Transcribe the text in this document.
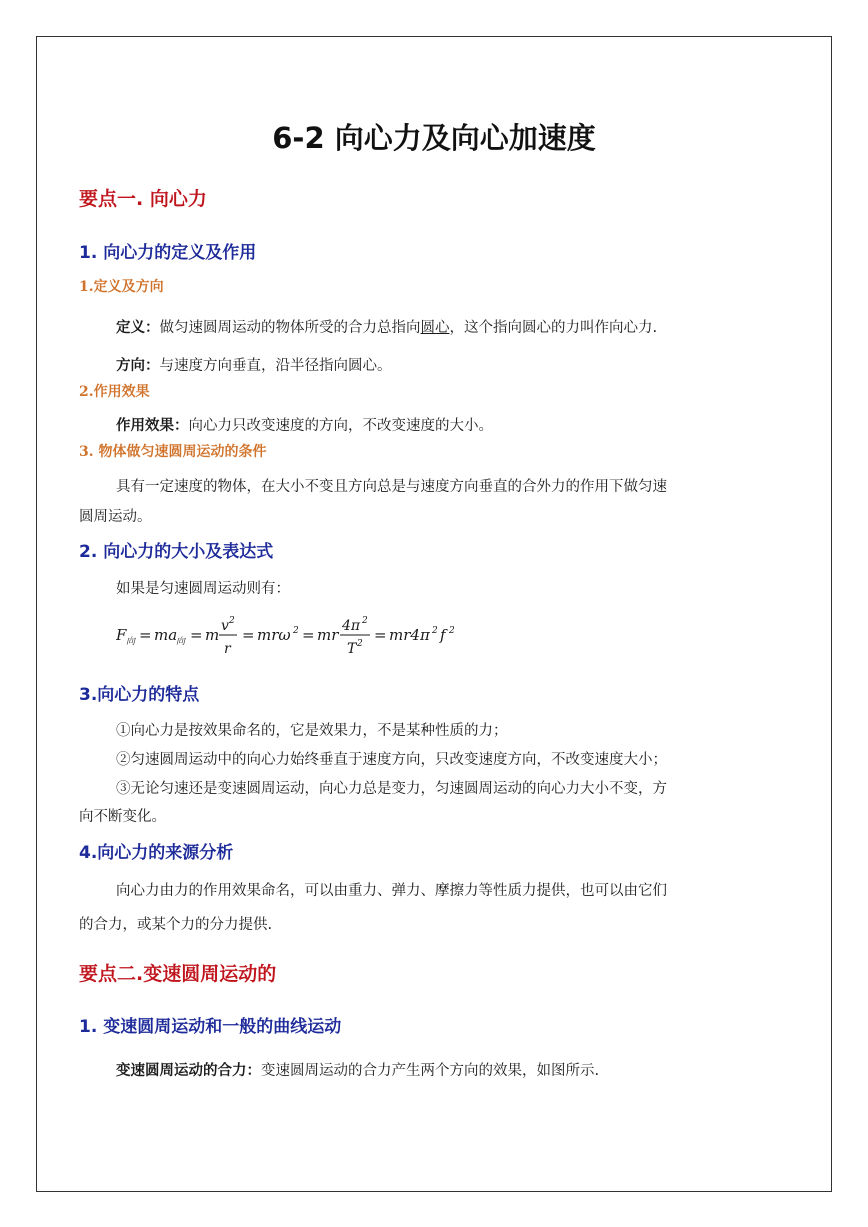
6-2 向心力及向心加速度
要点一. 向心力
1. 向心力的定义及作用
1.定义及方向
定义：做匀速圆周运动的物体所受的合力总指向圆心，这个指向圆心的力叫作向心力.
方向：与速度方向垂直，沿半径指向圆心。
2.作用效果
作用效果：向心力只改变速度的方向，不改变速度的大小。
3. 物体做匀速圆周运动的条件
具有一定速度的物体，在大小不变且方向总是与速度方向垂直的合外力的作用下做匀速
圆周运动。
2. 向心力的大小及表达式
如果是匀速圆周运动则有：
F 向 = ma
向 = m v 2
r
= mrω 2 = mr 4π 2
T 2 = mr4π 2 f 2
3.向心力的特点
①向心力是按效果命名的，它是效果力，不是某种性质的力；
②匀速圆周运动中的向心力始终垂直于速度方向，只改变速度方向，不改变速度大小；
③无论匀速还是变速圆周运动，向心力总是变力，匀速圆周运动的向心力大小不变，方
向不断变化。
4.向心力的来源分析
向心力由力的作用效果命名，可以由重力、弹力、摩擦力等性质力提供，也可以由它们
的合力，或某个力的分力提供.
要点二.变速圆周运动的
1. 变速圆周运动和一般的曲线运动
变速圆周运动的合力：变速圆周运动的合力产生两个方向的效果，如图所示.
